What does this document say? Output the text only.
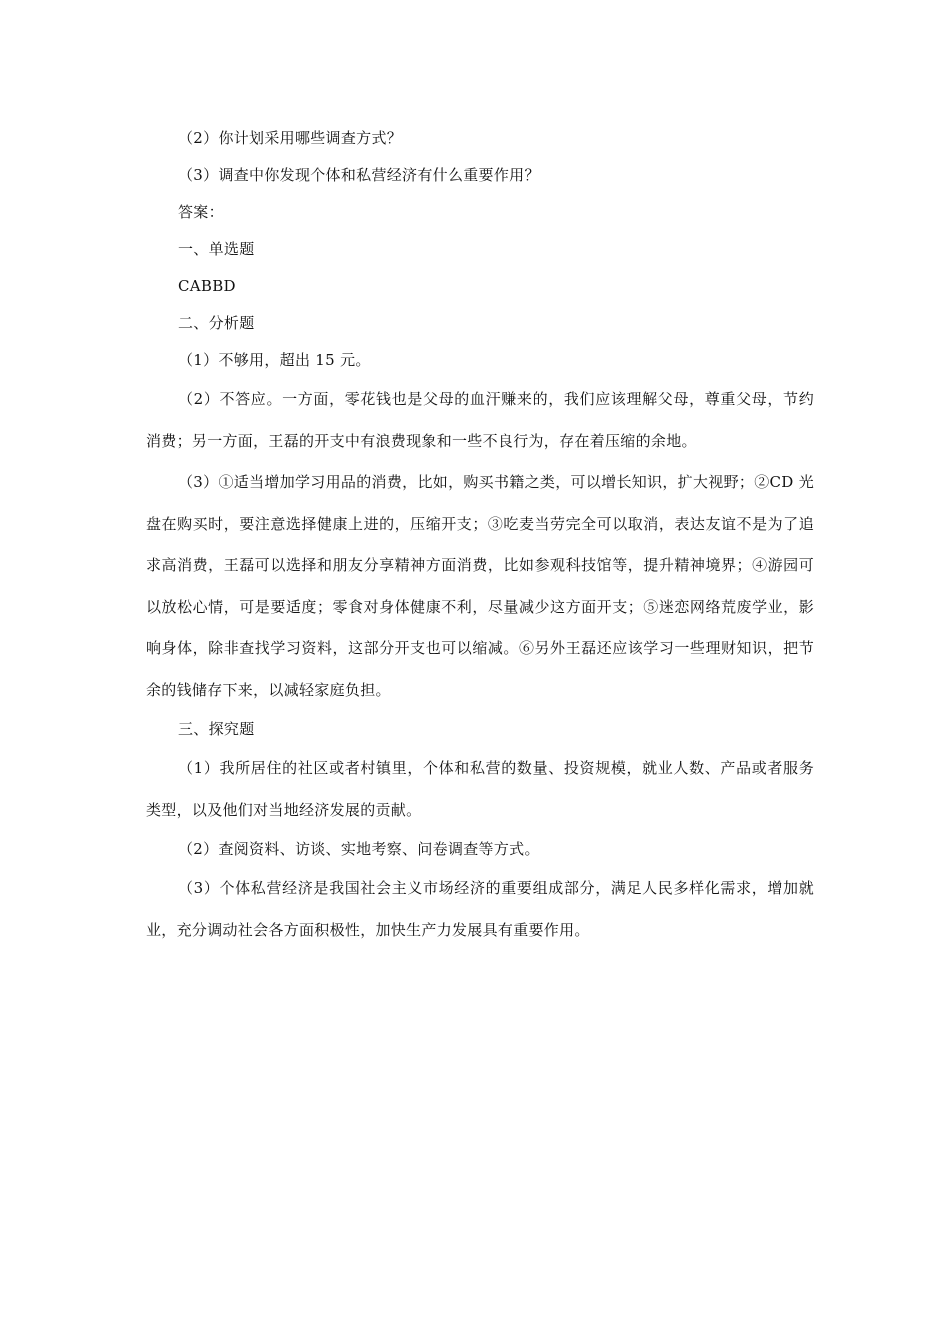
（2）你计划采用哪些调查方式？

（3）调查中你发现个体和私营经济有什么重要作用？

答案：

一、单选题

CABBD

二、分析题

（1）不够用，超出 15 元。

（2）不答应。一方面，零花钱也是父母的血汗赚来的，我们应该理解父母，尊重父母，节约消费；另一方面，王磊的开支中有浪费现象和一些不良行为，存在着压缩的余地。

（3）①适当增加学习用品的消费，比如，购买书籍之类，可以增长知识，扩大视野；②CD 光盘在购买时，要注意选择健康上进的，压缩开支；③吃麦当劳完全可以取消，表达友谊不是为了追求高消费，王磊可以选择和朋友分享精神方面消费，比如参观科技馆等，提升精神境界；④游园可以放松心情，可是要适度；零食对身体健康不利，尽量减少这方面开支；⑤迷恋网络荒废学业，影响身体，除非查找学习资料，这部分开支也可以缩减。⑥另外王磊还应该学习一些理财知识，把节余的钱储存下来，以减轻家庭负担。

三、探究题

（1）我所居住的社区或者村镇里，个体和私营的数量、投资规模，就业人数、产品或者服务类型，以及他们对当地经济发展的贡献。

（2）查阅资料、访谈、实地考察、问卷调查等方式。

（3）个体私营经济是我国社会主义市场经济的重要组成部分，满足人民多样化需求，增加就业，充分调动社会各方面积极性，加快生产力发展具有重要作用。
